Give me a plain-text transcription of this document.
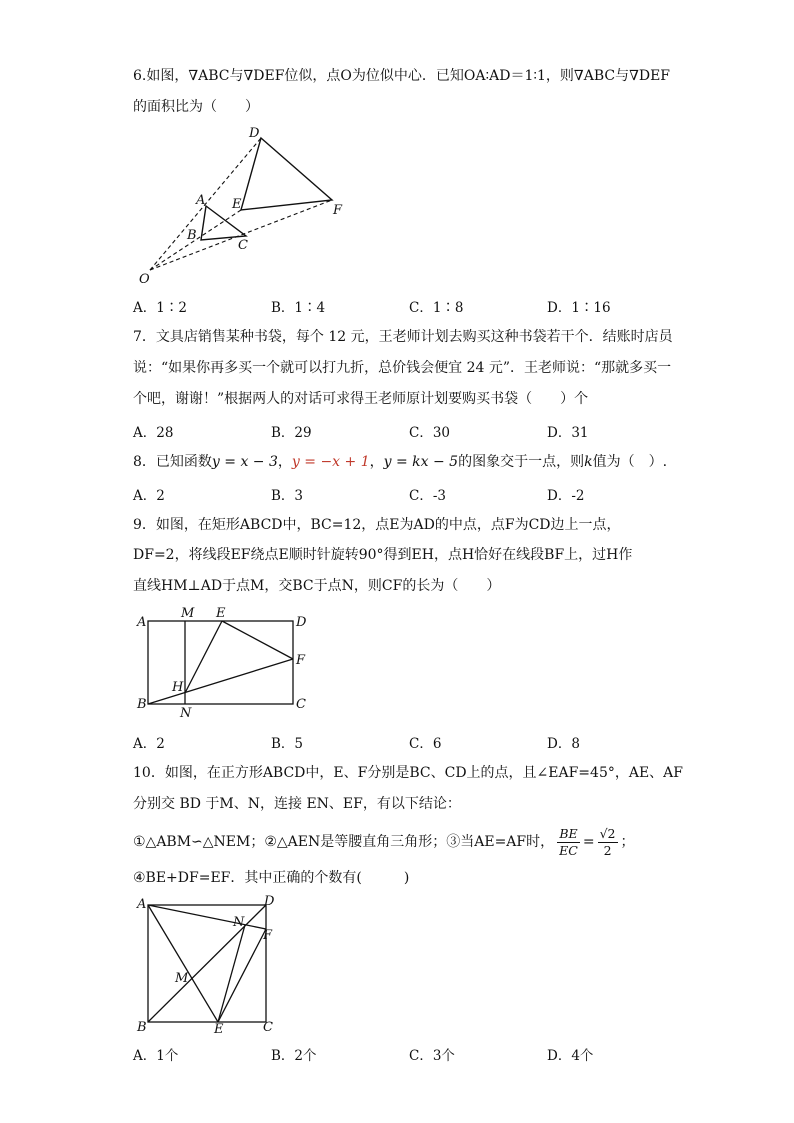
6.如图，∇ABC与∇DEF位似，点O为位似中心．已知OA∶AD＝1∶1，则∇ABC与∇DEF
的面积比为（　　）
D
A E	F
B
C
O
A．1∶2	B．1∶4	C．1∶8	D．1∶16
7．文具店销售某种书袋，每个 12 元，王老师计划去购买这种书袋若干个．结账时店员
说：“如果你再多买一个就可以打九折，总价钱会便宜 24 元”．王老师说：“那就多买一
个吧，谢谢！”根据两人的对话可求得王老师原计划要购买书袋（　　）个
A．28	B．29	C．30	D．31
8．已知函数y = x − 3，y = −x + 1，y = kx − 5的图象交于一点，则k值为（　）.
A．2	B．3	C．-3	D．-2
9．如图，在矩形ABCD中，BC=12，点E为AD的中点，点F为CD边上一点，
DF=2，将线段EF绕点E顺时针旋转90°得到EH，点H恰好在线段BF上，过H作
直线HM⊥AD于点M，交BC于点N，则CF的长为（　　）
A
M E
D
F
H
B
N
C
A．2	B．5	C．6	D．8
10．如图，在正方形ABCD中，E、F分别是BC、CD上的点，且∠EAF=45°，AE、AF
分别交 BD 于M、N，连接 EN、EF，有以下结论：
①△ABM∽△NEM；②△AEN是等腰直角三角形；③当AE=AF时， $\frac{BE}{EC} = \frac{√2}{2}$ ；
④BE+DF=EF．其中正确的个数有(　　　)
A	D
N
F
M
B	E	C
A．1个	B．2个	C．3个	D．4个
